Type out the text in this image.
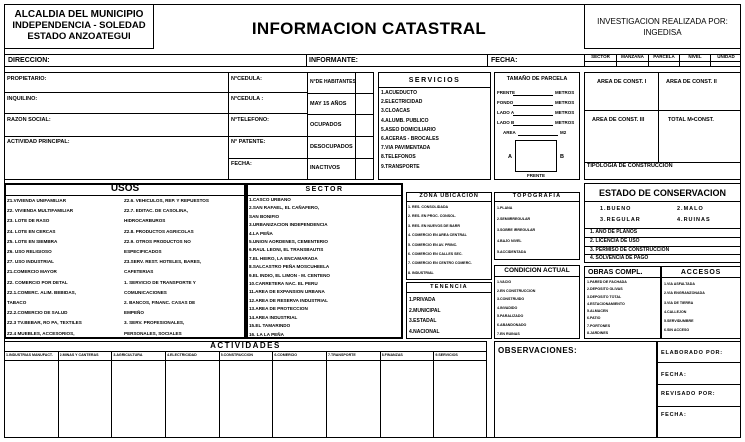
ALCALDIA DEL MUNICIPIO
INDEPENDENCIA - SOLEDAD
ESTADO ANZOATEGUI	INFORMACION CATASTRAL	INVESTIGACION REALIZADA POR:
INGEDISA
DIRECCION:	INFORMANTE:	FECHA:
SECTOR	MANZANA	PARCELA	NIVEL	UNIDAD
PROPIETARIO:
INQUILINO:
RAZON SOCIAL:
ACTIVIDAD PRINCIPAL:
N°CEDULA:
N°CEDULA :
N°TELEFONO:
N° PATENTE:
FECHA:
N°DE HABITANTES
MAY 15 AÑOS
OCUPADOS
DESOCUPADOS
INACTIVOS
SERVICIOS
1.ACUEDUCTO
2.ELECTRICIDAD
3.CLOACAS
4.ALUMB. PUBLICO
5.ASEO DOMICILIARIO
6.ACERAS - BROCALES
7.VIA PAVIMENTADA
8.TELEFONOS
9.TRANSPORTE
TAMAÑO DE PARCELA
FRENTE
FONDO
LADO A
LADO B
AREA
METROS
METROS
METROS
METROS
M2
A	B
FRENTE
AREA DE CONST. I	AREA DE CONST. II
AREA DE CONST. III	TOTAL M•CONST.
TIPOLOGIA DE CONSTRUCCION
USOS
Z1.VIVIENDA UNIFAMILIAR
Z2. VIVIENDA MULTIFAMILIAR
Z3. LOTE DE RASO
Z4. LOTE EN CERCAS
Z5. LOTE EN SIEMBRA
Z6. USO RELIGIOSO
Z7. USO INDUSTRIAL
Z1.COMERCIO MAYOR
Z2. COMERCIO POR DETAL
Z2.1.COMERC. ALIM. BEBIDAS,
TABACO
Z2.2.COMERCIO DE SALUD
Z2.3 TV.BEBAR, RO PA, TEXTILES
Z2.4 MUEBLES, ACCESORIOS,
Z2.6. VEHICULOS, REP. Y REPUESTOS
Z2.7. EDITAC. DE CASOLINA,
HIDROCARBUROS
Z2.8. PRODUCTOS AGRICOLAS
Z2.9. OTROS PRODUCTOS NO
ESPECIFICADOS
Z3.SERV. REST. HOTELES, BARES,
CAFETERIAS
1. SERVICIO DE TRANSPORTE Y
COMUNICACIONES
2. BANCOS, FINANC. CASAS DE
EMPEÑO
3. SERV. PROFESIONALES,
PERSONALES, SOCIALES
SECTOR
1.CASCO URBANO
2.SAN RAFAEL, EL CAÑAFERO,
SAN BONIFIO
3.URBANIZACION INDEPENDENCIA
4.LA PEÑA
5.UNION AORDENES, CEMENTERIO
6.RAUL LEONI, EL TRANSBAUTIS
7.EL HEIRO, LA ENCAMARADA
8.SALCASTRO PEÑA MOSCUHEELA
9.EL INDIO, EL LIMON - M. CENTENO
10.CARRETERA NAC. EL PERU
11.AREA DE EXPANSION URBANA
12.AREA DE RESERVA INDUSTRIAL
13.AREA DE PROTECCION
14.AREA INDUSTRIAL
15.EL TAMARINDO
16. LA LA PEÑA
ZONA UBICACION
1. RES. CONSOLIDADA
2. RES. EN PROC. CONSOL.
3. RES. EN NUEVOS DE BARR
4. COMERCIO EN AREA CENTRAL
5. COMERCIO EN AV. PRINC.
6. COMERCIO EN CALLES SEC.
7. COMERCIO EN CENTRO COMERC.
8. INDUSTRIAL
TOPOGRAFIA
1.PLANA
2.SEMIIRREGULAR
3.SOBRE IRREGULAR
4.BAJO NIVEL
5.ACCIDENTADA
TENENCIA
1.PRIVADA
2.MUNICIPAL
3.ESTADAL
4.NACIONAL
CONDICION ACTUAL
1.VACIO
2.EN CONSTRUCCION
3.CONSTRUIDO
4.INVADIDO
5.PARALIZADO
6.ABANDONADO
7.EN RUINAS
ESTADO DE CONSERVACION
1.BUENO	2.MALO
3.REGULAR	4.RUINAS
1. AÑO DE PLANOS
2. LICENCIA DE USO
3. PERMISO DE CONSTRUCCION
4. SOLVENCIA DE PAGO
OBRAS COMPL.
1.PARED DE FACHADA
2.DEPOSITO OLIVAS
3.DEPOSITO TOTAL
4.ESTACIONAMIENTO
5.ALMACEN
6.PATIO
7.PORTONES
8.JARDINES
ACCESOS
1.VIA ASFALTADA
2.VIA ENGRANZONADA
3.VIA DE TIERRA
4.CALLEJON
5.SERVIDUMBRE
6.SIN ACCESO
ACTIVIDADES
1.INDUSTRIAS MANUFACT.	2.MINAS Y CANTERAS	3.AGRICULTURA	4.ELECTRICIDAD	5.CONSTRUCCION	6.COMERCIO	7.TRANSPORTE	8.FINANZAS	9.SERVICIOS	OBSERVACIONES:	ELABORADO POR:
FECHA:
REVISADO POR:
FECHA:
